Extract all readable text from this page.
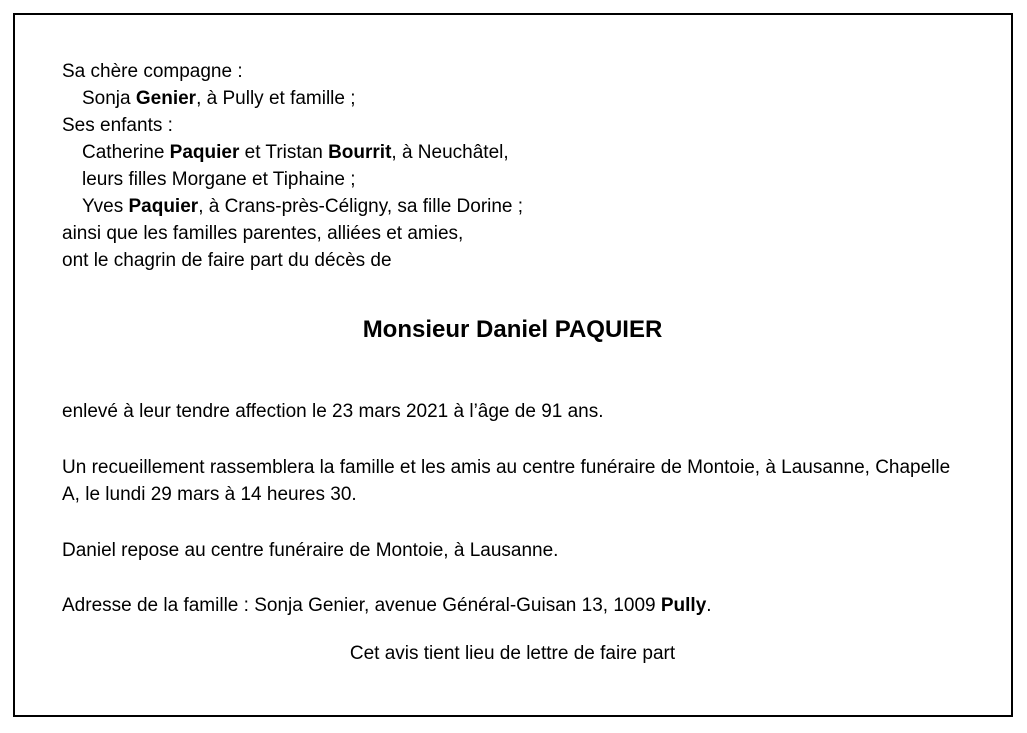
Sa chère compagne :
Sonja Genier, à Pully et famille ;
Ses enfants :
Catherine Paquier et Tristan Bourrit, à Neuchâtel,
leurs filles Morgane et Tiphaine ;
Yves Paquier, à Crans-près-Céligny, sa fille Dorine ;
ainsi que les familles parentes, alliées et amies,
ont le chagrin de faire part du décès de
Monsieur Daniel PAQUIER

enlevé à leur tendre affection le 23 mars 2021 à l’âge de 91 ans.

Un recueillement rassemblera la famille et les amis au centre funéraire de Montoie, à Lausanne, Chapelle A, le lundi 29 mars à 14 heures 30.

Daniel repose au centre funéraire de Montoie, à Lausanne.

Adresse de la famille : Sonja Genier, avenue Général-Guisan 13, 1009 Pully.

Cet avis tient lieu de lettre de faire part
